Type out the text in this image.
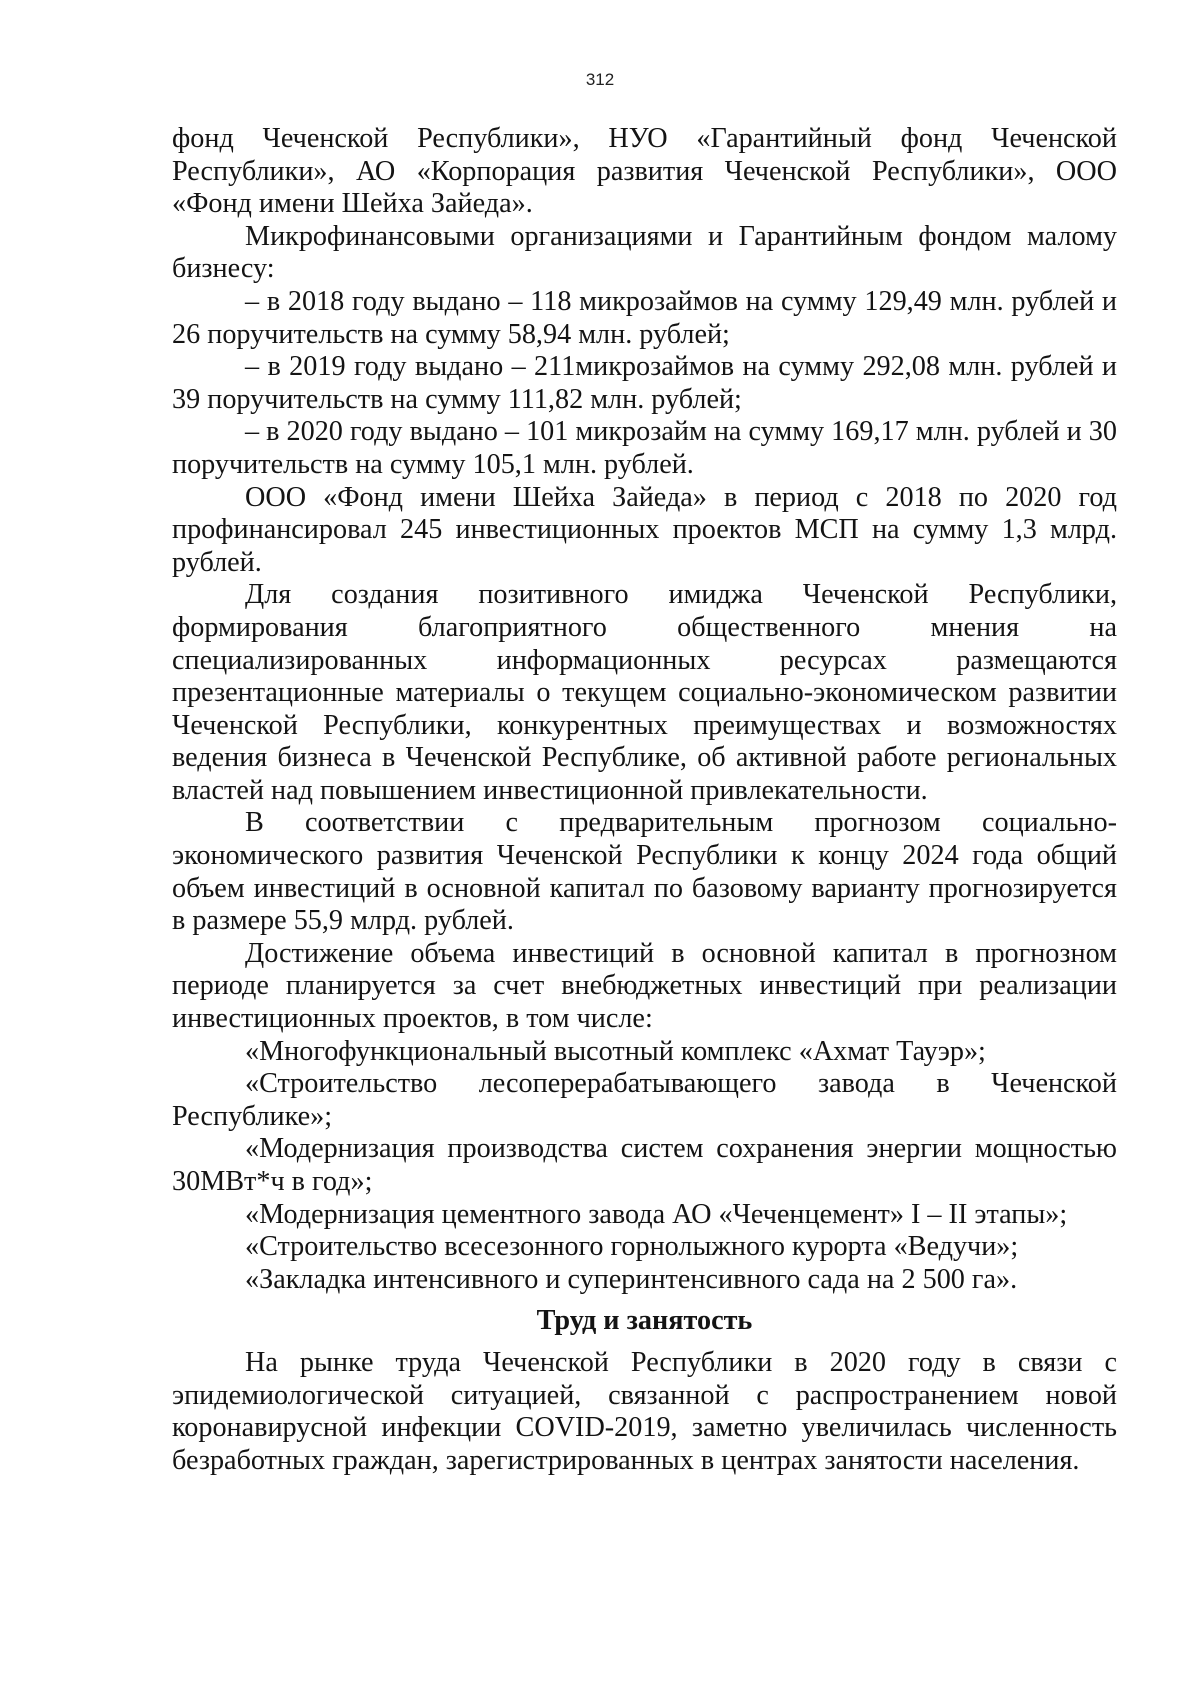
312

фонд Чеченской Республики», НУО «Гарантийный фонд Чеченской Республики», АО «Корпорация развития Чеченской Республики», ООО «Фонд имени Шейха Зайеда».

Микрофинансовыми организациями и Гарантийным фондом малому бизнесу:

– в 2018 году выдано – 118 микрозаймов на сумму 129,49 млн. рублей и 26 поручительств на сумму 58,94 млн. рублей;

– в 2019 году выдано – 211микрозаймов на сумму 292,08 млн. рублей и 39 поручительств на сумму 111,82 млн. рублей;

– в 2020 году выдано – 101 микрозайм на сумму 169,17 млн. рублей и 30 поручительств на сумму 105,1 млн. рублей.

ООО «Фонд имени Шейха Зайеда» в период с 2018 по 2020 год профинансировал 245 инвестиционных проектов МСП на сумму 1,3 млрд. рублей.

Для создания позитивного имиджа Чеченской Республики, формирования благоприятного общественного мнения на специализированных информационных ресурсах размещаются презентационные материалы о текущем социально-экономическом развитии Чеченской Республики, конкурентных преимуществах и возможностях ведения бизнеса в Чеченской Республике, об активной работе региональных властей над повышением инвестиционной привлекательности.

В соответствии с предварительным прогнозом социально-экономического развития Чеченской Республики к концу 2024 года общий объем инвестиций в основной капитал по базовому варианту прогнозируется в размере 55,9 млрд. рублей.

Достижение объема инвестиций в основной капитал в прогнозном периоде планируется за счет внебюджетных инвестиций при реализации инвестиционных проектов, в том числе:

«Многофункциональный высотный комплекс «Ахмат Тауэр»;

«Строительство лесоперерабатывающего завода в Чеченской Республике»;

«Модернизация производства систем сохранения энергии мощностью 30МВт*ч в год»;

«Модернизация цементного завода АО «Чеченцемент» I – II этапы»;

«Строительство всесезонного горнолыжного курорта «Ведучи»;

«Закладка интенсивного и суперинтенсивного сада на 2 500 га».

Труд и занятость

На рынке труда Чеченской Республики в 2020 году в связи с эпидемиологической ситуацией, связанной с распространением новой коронавирусной инфекции COVID-2019, заметно увеличилась численность безработных граждан, зарегистрированных в центрах занятости населения.
